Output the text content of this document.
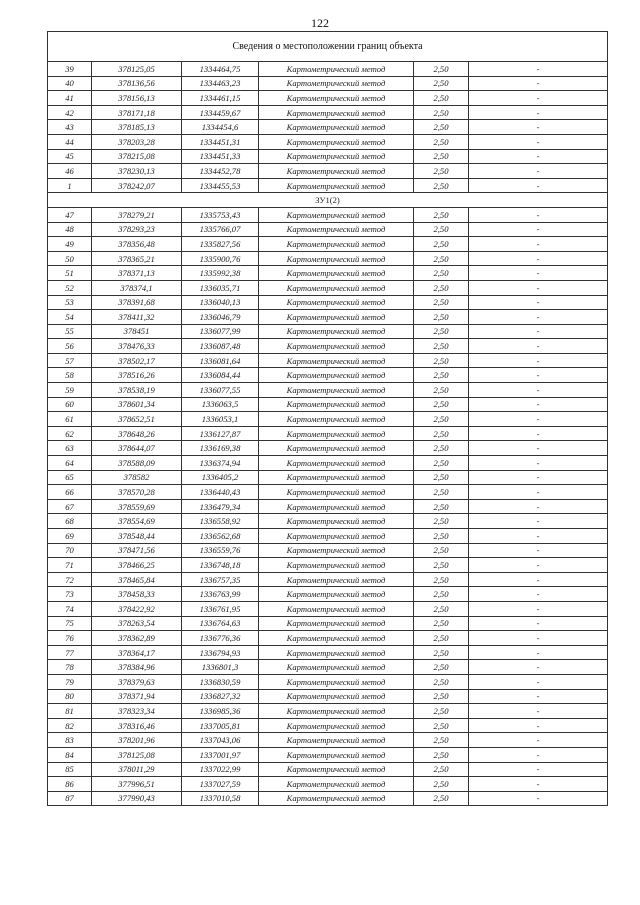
122
Сведения о местоположении границ объекта					
39	378125,05	1334464,75	Картометрический метод	2,50	-
40	378136,56	1334463,23	Картометрический метод	2,50	-
41	378156,13	1334461,15	Картометрический метод	2,50	-
42	378171,18	1334459,67	Картометрический метод	2,50	-
43	378185,13	1334454,6	Картометрический метод	2,50	-
44	378203,28	1334451,31	Картометрический метод	2,50	-
45	378215,08	1334451,33	Картометрический метод	2,50	-
46	378230,13	1334452,78	Картометрический метод	2,50	-
1	378242,07	1334455,53	Картометрический метод	2,50	-
ЗУ1(2)					
47	378279,21	1335753,43	Картометрический метод	2,50	-
48	378293,23	1335766,07	Картометрический метод	2,50	-
49	378356,48	1335827,56	Картометрический метод	2,50	-
50	378365,21	1335900,76	Картометрический метод	2,50	-
51	378371,13	1335992,38	Картометрический метод	2,50	-
52	378374,1	1336035,71	Картометрический метод	2,50	-
53	378391,68	1336040,13	Картометрический метод	2,50	-
54	378411,32	1336046,79	Картометрический метод	2,50	-
55	378451	1336077,99	Картометрический метод	2,50	-
56	378476,33	1336087,48	Картометрический метод	2,50	-
57	378502,17	1336081,64	Картометрический метод	2,50	-
58	378516,26	1336084,44	Картометрический метод	2,50	-
59	378538,19	1336077,55	Картометрический метод	2,50	-
60	378601,34	1336063,5	Картометрический метод	2,50	-
61	378652,51	1336053,1	Картометрический метод	2,50	-
62	378648,26	1336127,87	Картометрический метод	2,50	-
63	378644,07	1336169,38	Картометрический метод	2,50	-
64	378588,09	1336374,94	Картометрический метод	2,50	-
65	378582	1336405,2	Картометрический метод	2,50	-
66	378570,28	1336440,43	Картометрический метод	2,50	-
67	378559,69	1336479,34	Картометрический метод	2,50	-
68	378554,69	1336558,92	Картометрический метод	2,50	-
69	378548,44	1336562,68	Картометрический метод	2,50	-
70	378471,56	1336559,76	Картометрический метод	2,50	-
71	378466,25	1336748,18	Картометрический метод	2,50	-
72	378465,84	1336757,35	Картометрический метод	2,50	-
73	378458,33	1336763,99	Картометрический метод	2,50	-
74	378422,92	1336761,95	Картометрический метод	2,50	-
75	378263,54	1336764,63	Картометрический метод	2,50	-
76	378362,89	1336776,36	Картометрический метод	2,50	-
77	378364,17	1336794,93	Картометрический метод	2,50	-
78	378384,96	1336801,3	Картометрический метод	2,50	-
79	378379,63	1336830,59	Картометрический метод	2,50	-
80	378371,94	1336827,32	Картометрический метод	2,50	-
81	378323,34	1336985,36	Картометрический метод	2,50	-
82	378316,46	1337005,81	Картометрический метод	2,50	-
83	378201,96	1337043,06	Картометрический метод	2,50	-
84	378125,08	1337001,97	Картометрический метод	2,50	-
85	378011,29	1337022,99	Картометрический метод	2,50	-
86	377996,51	1337027,59	Картометрический метод	2,50	-
87	377990,43	1337010,58	Картометрический метод	2,50	-
